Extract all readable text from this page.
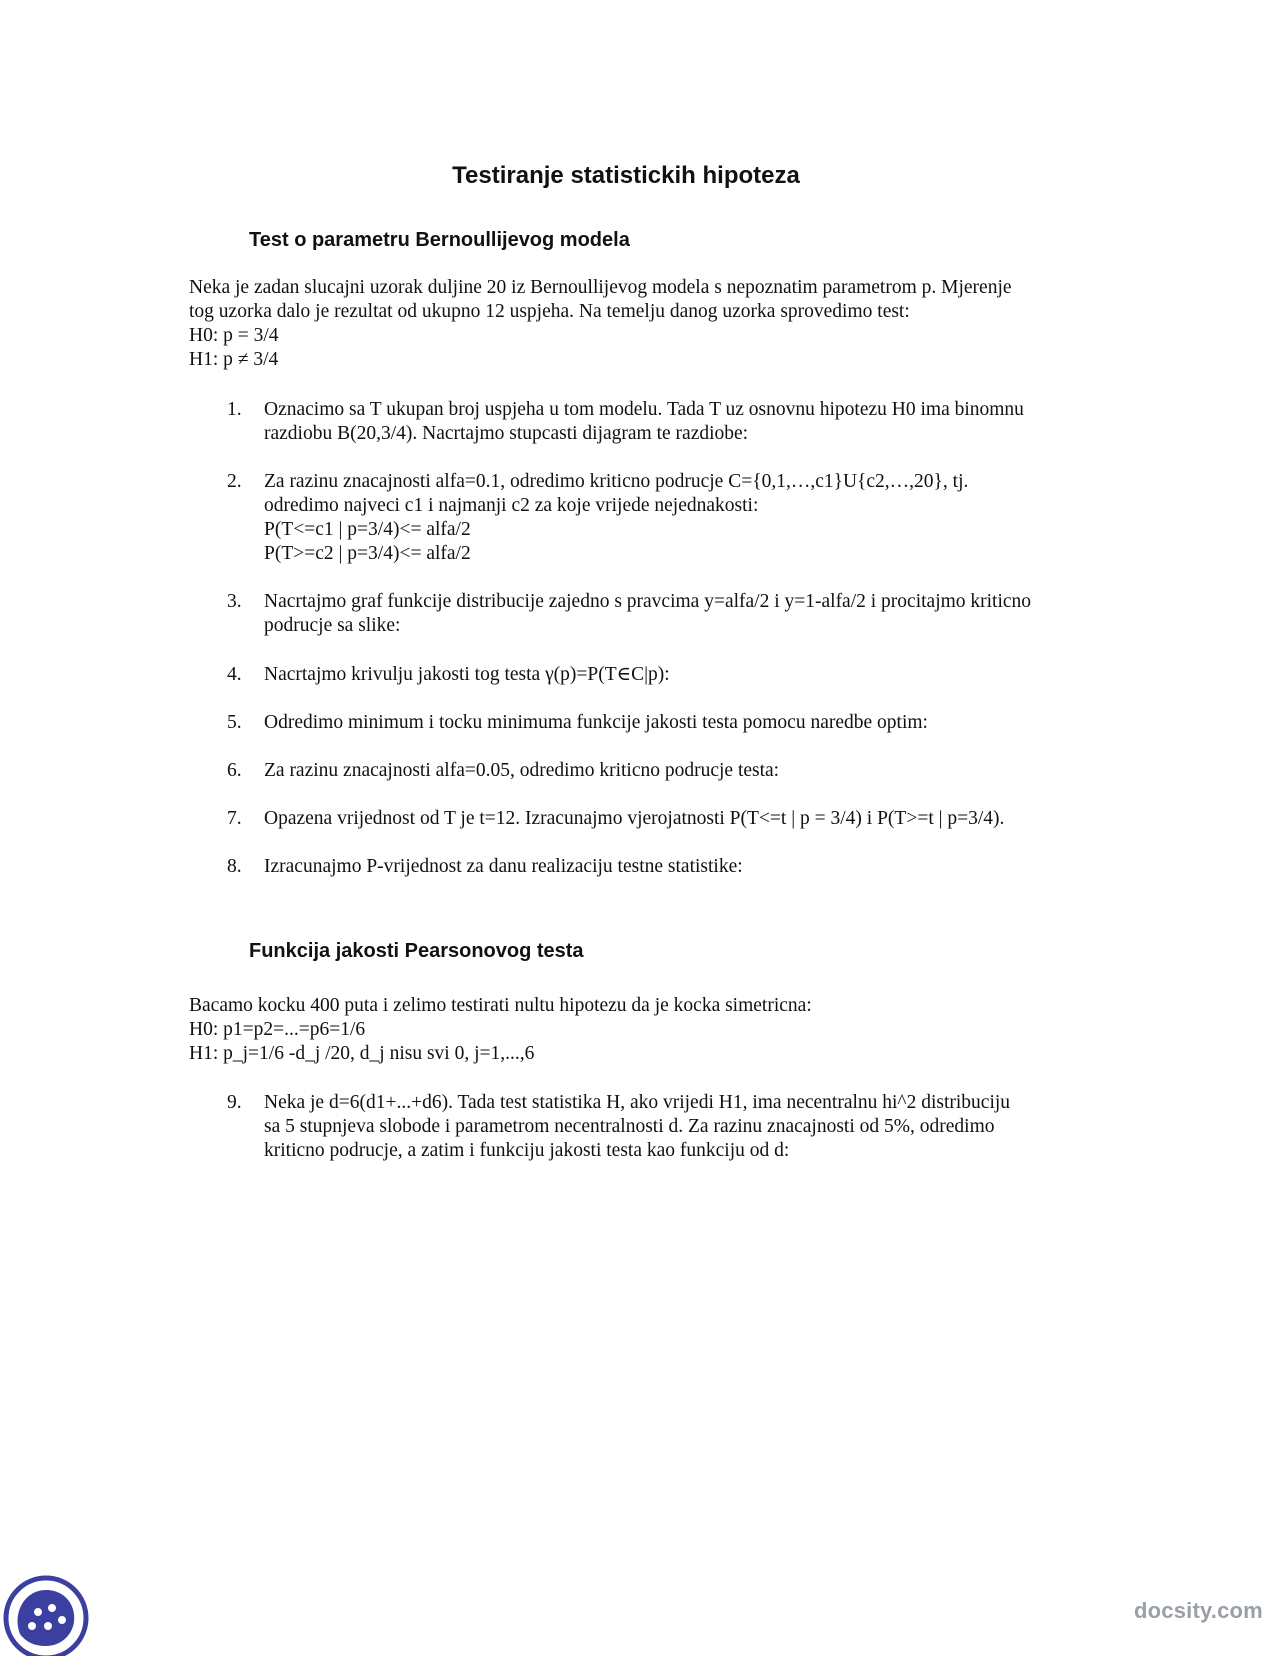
Testiranje statistickih hipoteza
Test o parametru Bernoullijevog modela
Neka je zadan slucajni uzorak duljine 20 iz Bernoullijevog modela s nepoznatim parametrom p. Mjerenje
tog uzorka dalo je rezultat od ukupno 12 uspjeha. Na temelju danog uzorka sprovedimo test:
H0: p = 3/4
H1: p ≠ 3/4
1.	Oznacimo sa T ukupan broj uspjeha u tom modelu. Tada T uz osnovnu hipotezu H0 ima binomnu
razdiobu B(20,3/4). Nacrtajmo stupcasti dijagram te razdiobe:
2.	Za razinu znacajnosti alfa=0.1, odredimo kriticno podrucje C={0,1,…,c1}U{c2,…,20}, tj.
odredimo najveci c1 i najmanji c2 za koje vrijede nejednakosti:
P(T<=c1 | p=3/4)<= alfa/2
P(T>=c2 | p=3/4)<= alfa/2
3.	Nacrtajmo graf funkcije distribucije zajedno s pravcima y=alfa/2 i y=1-alfa/2 i procitajmo kriticno
podrucje sa slike:
4.	Nacrtajmo krivulju jakosti tog testa γ(p)=P(T∈C|p):
5.	Odredimo minimum i tocku minimuma funkcije jakosti testa pomocu naredbe optim:
6.	Za razinu znacajnosti alfa=0.05, odredimo kriticno podrucje testa:
7.	Opazena vrijednost od T je t=12. Izracunajmo vjerojatnosti P(T<=t | p = 3/4) i P(T>=t | p=3/4).
8.	Izracunajmo P-vrijednost za danu realizaciju testne statistike:
Funkcija jakosti Pearsonovog testa
Bacamo kocku 400 puta i zelimo testirati nultu hipotezu da je kocka simetricna:
H0: p1=p2=...=p6=1/6
H1: p_j=1/6 -d_j /20, d_j nisu svi 0, j=1,...,6
9.	Neka je d=6(d1+...+d6). Tada test statistika H, ako vrijedi H1, ima necentralnu hi^2 distribuciju
sa 5 stupnjeva slobode i parametrom necentralnosti d. Za razinu znacajnosti od 5%, odredimo
kriticno podrucje, a zatim i funkciju jakosti testa kao funkciju od d:
docsity.com
